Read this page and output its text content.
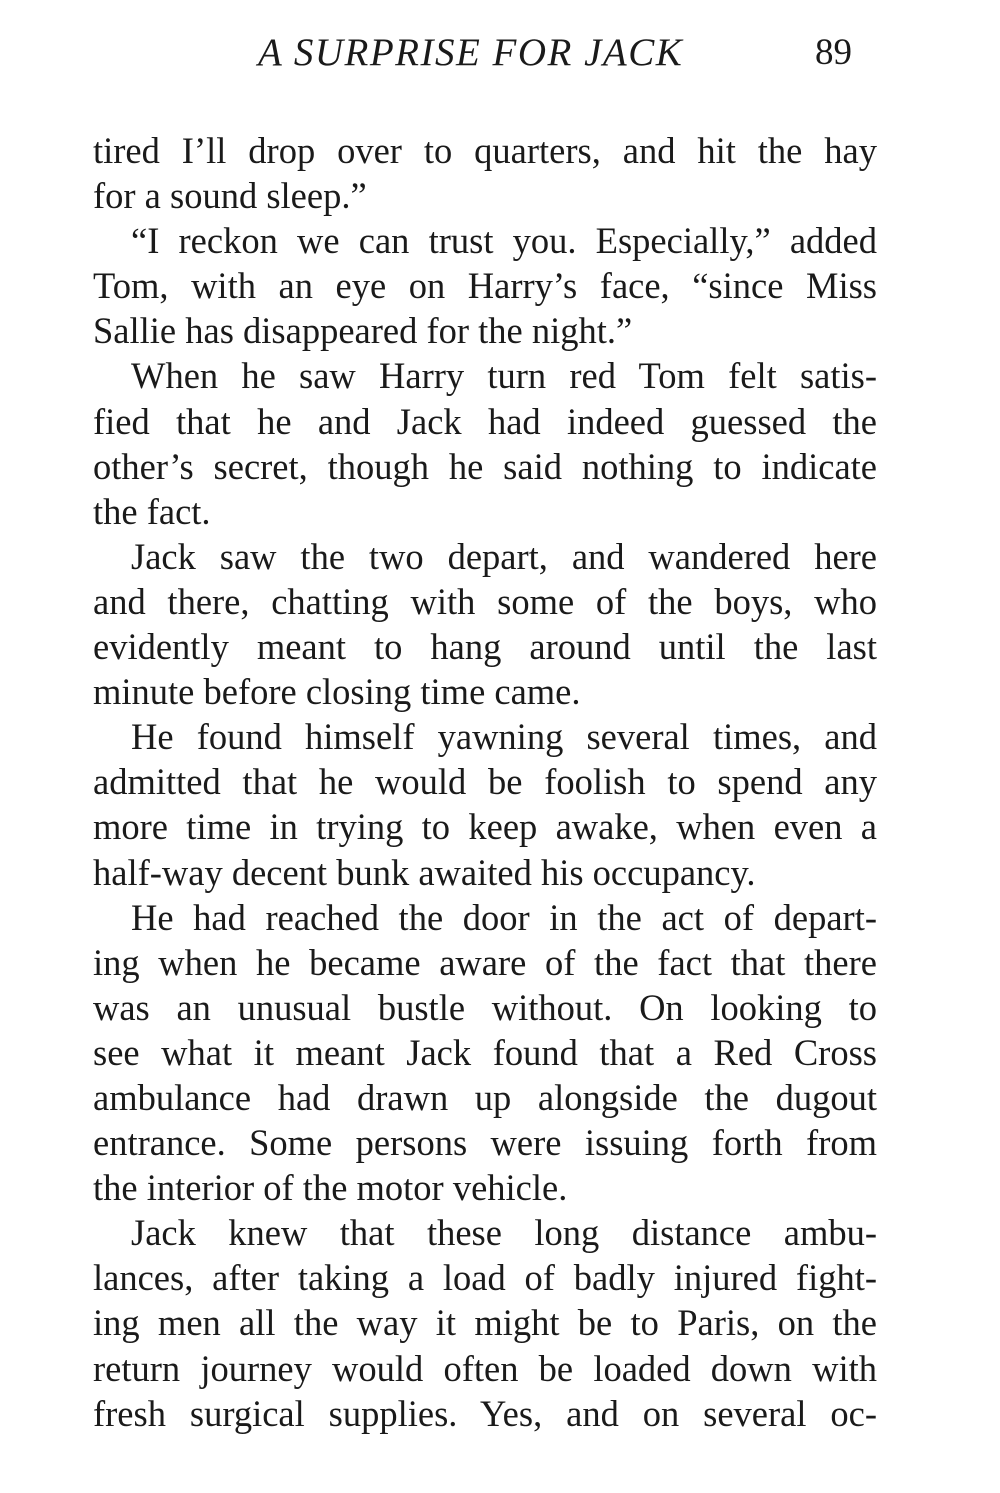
A SURPRISE FOR JACK	89
tired I’ll drop over to quarters, and hit the hay
for a sound sleep.”
“I reckon we can trust you. Especially,” added
Tom, with an eye on Harry’s face, “since Miss
Sallie has disappeared for the night.”
When he saw Harry turn red Tom felt satis-
fied that he and Jack had indeed guessed the
other’s secret, though he said nothing to indicate
the fact.
Jack saw the two depart, and wandered here
and there, chatting with some of the boys, who
evidently meant to hang around until the last
minute before closing time came.
He found himself yawning several times, and
admitted that he would be foolish to spend any
more time in trying to keep awake, when even a
half-way decent bunk awaited his occupancy.
He had reached the door in the act of depart-
ing when he became aware of the fact that there
was an unusual bustle without. On looking to
see what it meant Jack found that a Red Cross
ambulance had drawn up alongside the dugout
entrance. Some persons were issuing forth from
the interior of the motor vehicle.
Jack knew that these long distance ambu-
lances, after taking a load of badly injured fight-
ing men all the way it might be to Paris, on the
return journey would often be loaded down with
fresh surgical supplies. Yes, and on several oc-
